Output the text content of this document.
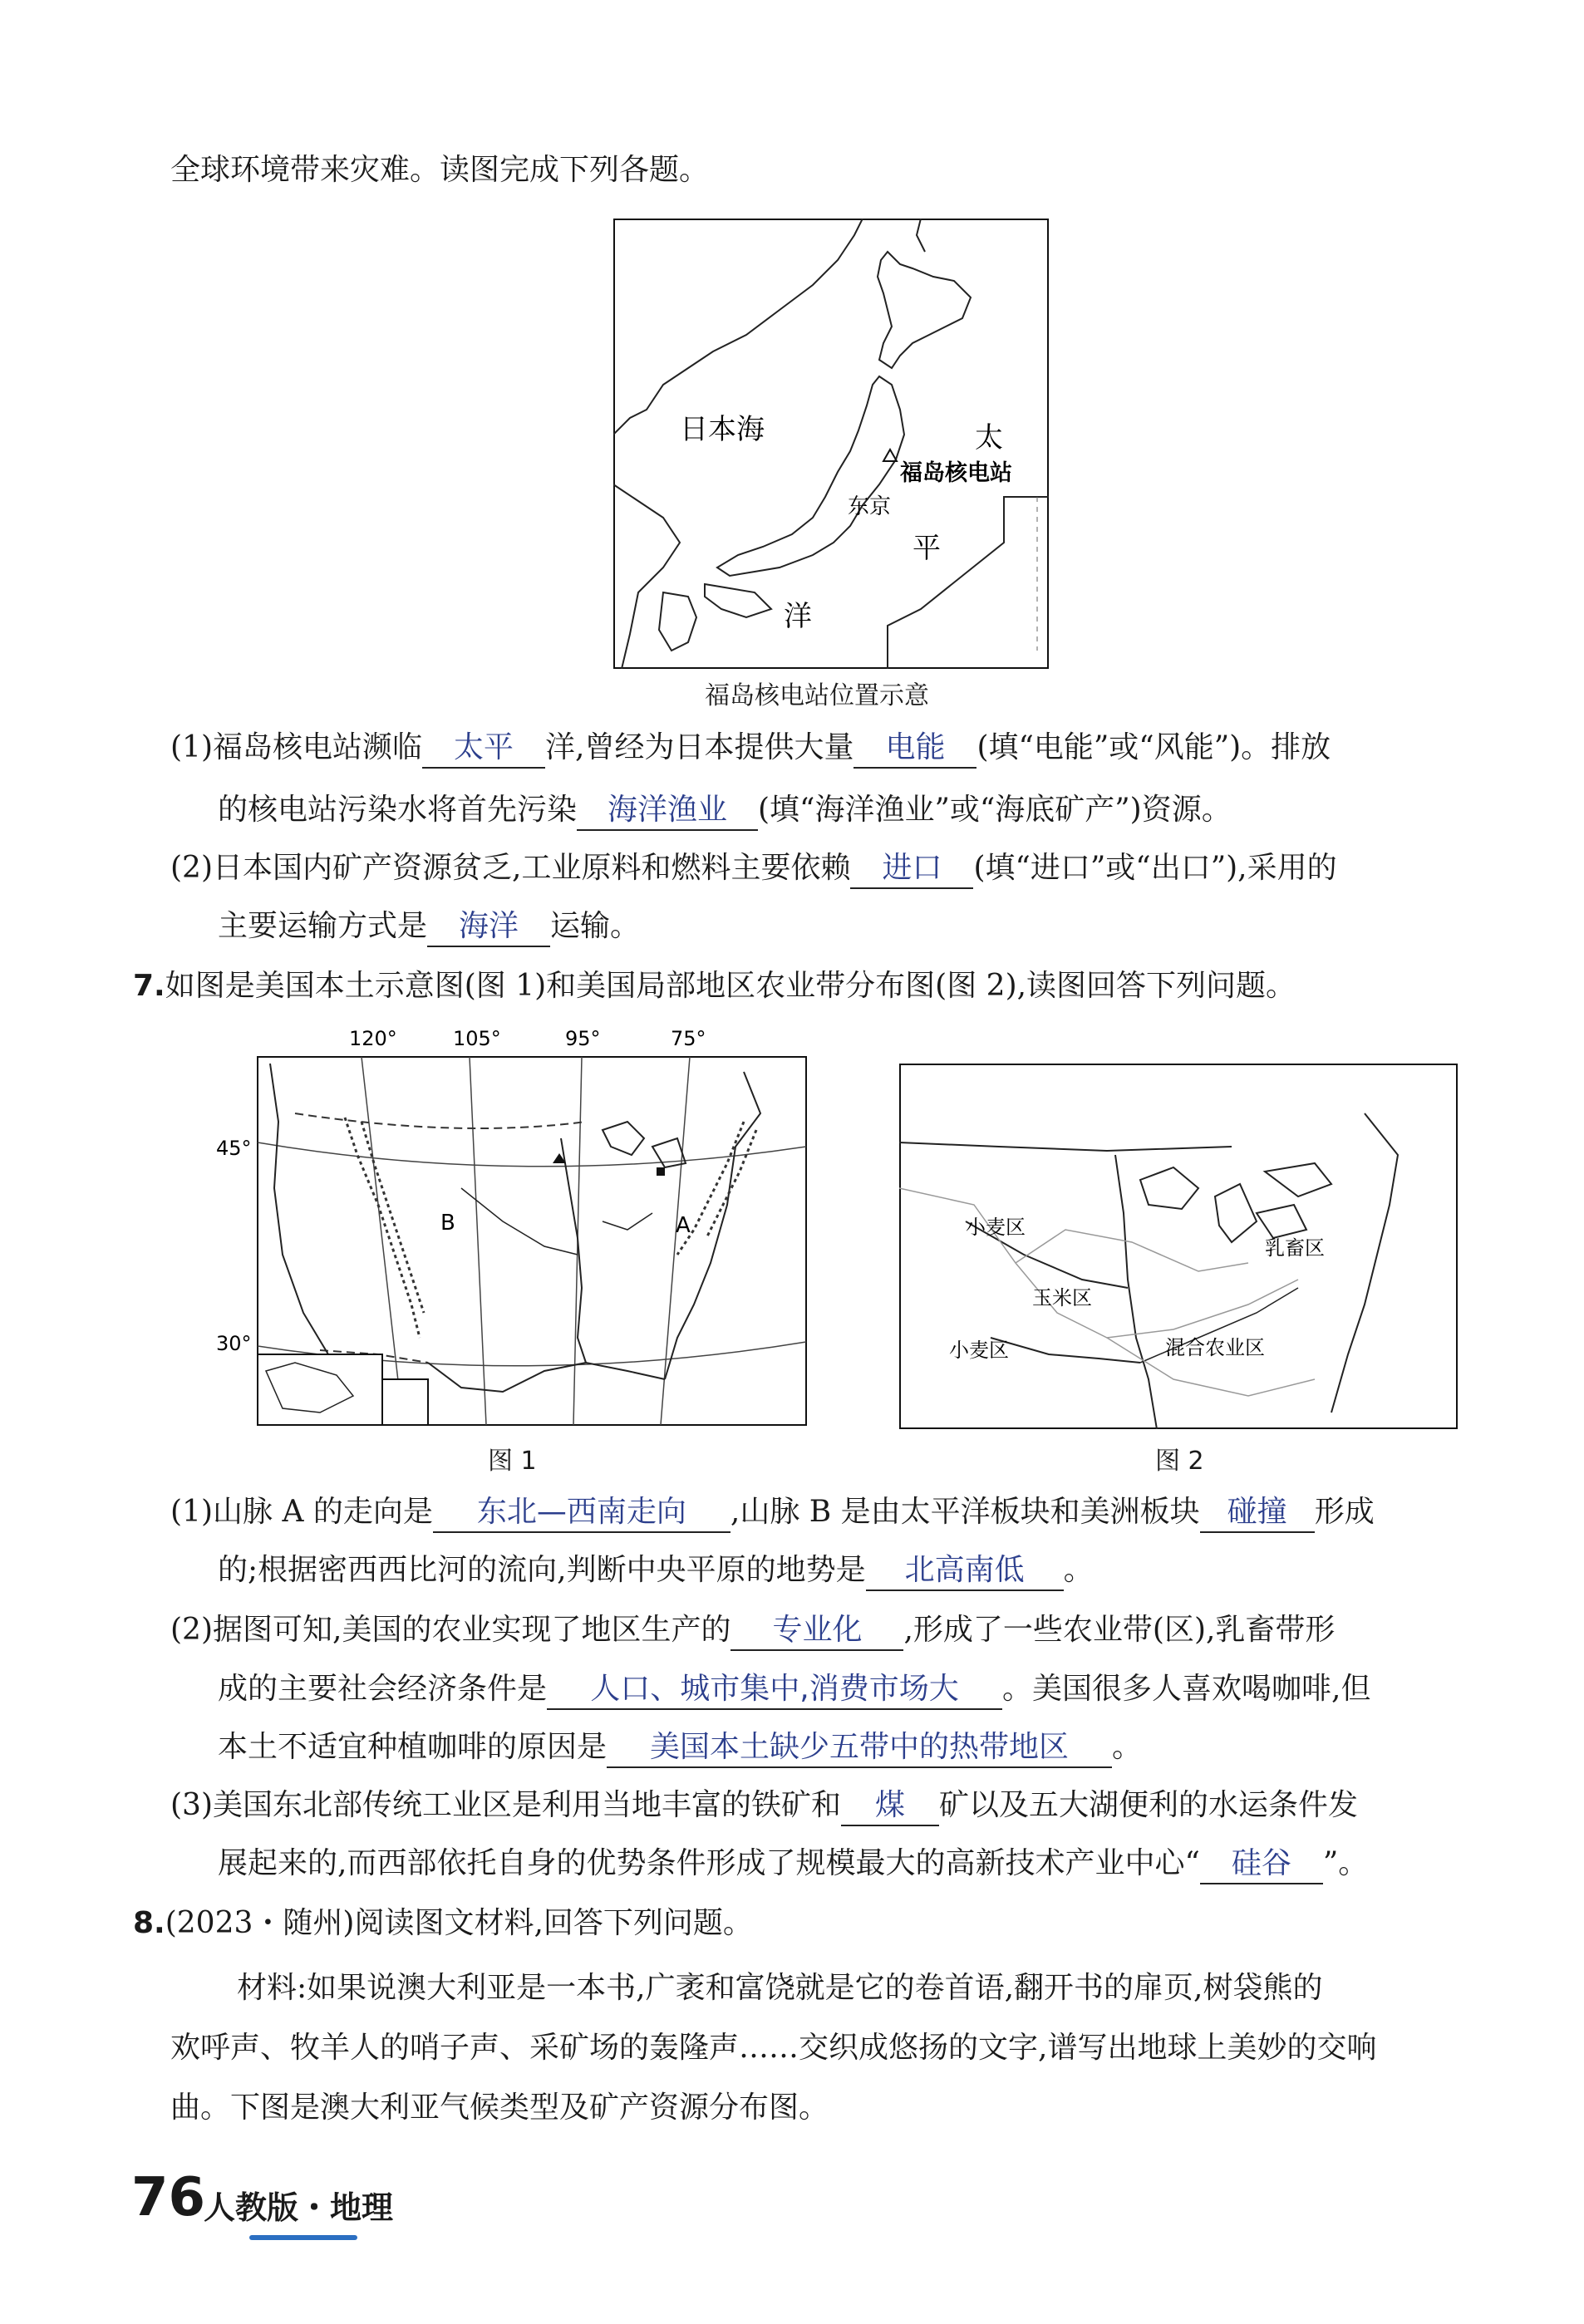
全球环境带来灾难。读图完成下列各题。
日本海	太
福岛核电站
东京
平
洋
福岛核电站位置示意
(1)福岛核电站濒临 太平 洋,曾经为日本提供大量 电能 (填“电能”或“风能”)。排放
的核电站污染水将首先污染 海洋渔业 (填“海洋渔业”或“海底矿产”)资源。
(2)日本国内矿产资源贫乏,工业原料和燃料主要依赖 进口 (填“进口”或“出口”),采用的
主要运输方式是 海洋 运输。
7.如图是美国本土示意图(图 1)和美国局部地区农业带分布图(图 2),读图回答下列问题。
120°	105°	95°	75°
45°
30°
B	A
图 1
小麦区
乳畜区
玉米区
小麦区	混合农业区
图 2
(1)山脉 A 的走向是 东北—西南走向 ,山脉 B 是由太平洋板块和美洲板块 碰撞 形成
的;根据密西西比河的流向,判断中央平原的地势是 北高南低 。
(2)据图可知,美国的农业实现了地区生产的 专业化 ,形成了一些农业带(区),乳畜带形
成的主要社会经济条件是 人口、城市集中,消费市场大 。美国很多人喜欢喝咖啡,但
本土不适宜种植咖啡的原因是 美国本土缺少五带中的热带地区 。
(3)美国东北部传统工业区是利用当地丰富的铁矿和 煤 矿以及五大湖便利的水运条件发
展起来的,而西部依托自身的优势条件形成了规模最大的高新技术产业中心“ 硅谷 ”。
8.(2023・随州)阅读图文材料,回答下列问题。
材料:如果说澳大利亚是一本书,广袤和富饶就是它的卷首语,翻开书的扉页,树袋熊的
欢呼声、牧羊人的哨子声、采矿场的轰隆声……交织成悠扬的文字,谱写出地球上美妙的交响
曲。下图是澳大利亚气候类型及矿产资源分布图。
76
人教版・地理
